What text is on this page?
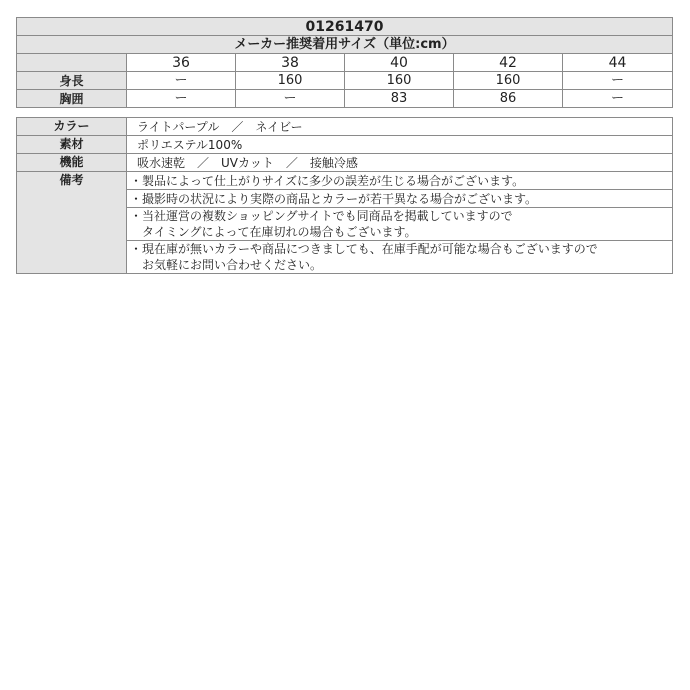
01261470					
メーカー推奨着用サイズ（単位:cm）					
	36	38	40	42	44
身長	ー	160	160	160	ー
胸囲	ー	ー	83	86	ー
カラー	ライトパープル　／　ネイビー
素材	ポリエステル100%
機能	吸水速乾　／　UVカット　／　接触冷感
備考	・製品によって仕上がりサイズに多少の誤差が生じる場合がございます。
	・撮影時の状況により実際の商品とカラーが若干異なる場合がございます。
	・当社運営の複数ショッピングサイトでも同商品を掲載していますので
　タイミングによって在庫切れの場合もございます。
	・現在庫が無いカラーや商品につきましても、在庫手配が可能な場合もございますので
　お気軽にお問い合わせください。
